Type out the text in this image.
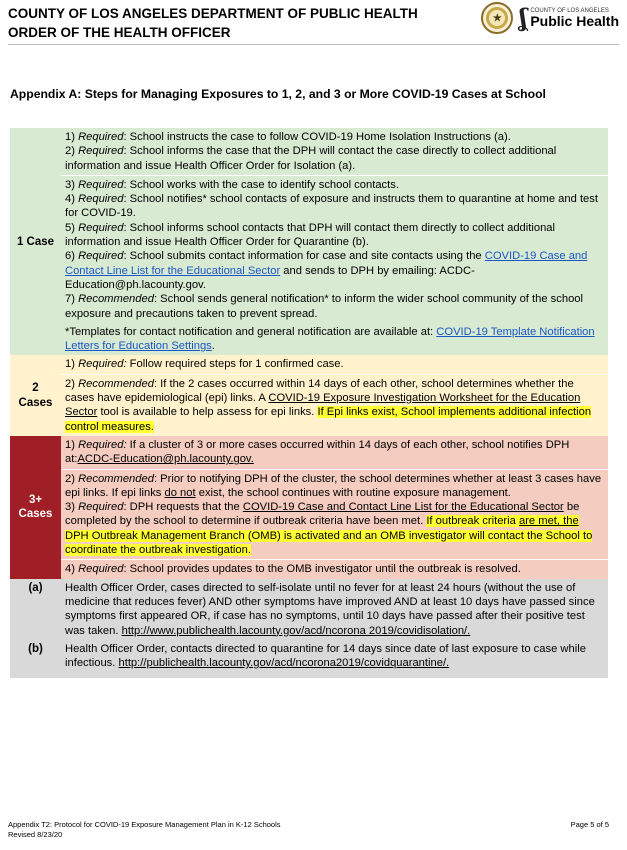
COUNTY OF LOS ANGELES DEPARTMENT OF PUBLIC HEALTH
ORDER OF THE HEALTH OFFICER
★ ʆ COUNTY OF LOS ANGELES
Public Health
Appendix A: Steps for Managing Exposures to 1, 2, and 3 or More COVID-19 Cases at School
1 Case	1) Required: School instructs the case to follow COVID-19 Home Isolation Instructions (a).

2) Required: School informs the case that the DPH will contact the case directly to collect additional information and issue Health Officer Order for Isolation (a).

	3) Required: School works with the case to identify school contacts.

4) Required: School notifies* school contacts of exposure and instructs them to quarantine at home and test for COVID-19.

5) Required: School informs school contacts that DPH will contact them directly to collect additional information and issue Health Officer Order for Quarantine (b).

6) Required: School submits contact information for case and site contacts using the COVID-19 Case and Contact Line List for the Educational Sector and sends to DPH by emailing: ACDC-Education@ph.lacounty.gov.

7) Recommended: School sends general notification* to inform the wider school community of the school exposure and precautions taken to prevent spread.

	*Templates for contact notification and general notification are available at: COVID-19 Template Notification Letters for Education Settings.

2 Cases	1) Required: Follow required steps for 1 confirmed case.

	2) Recommended: If the 2 cases occurred within 14 days of each other, school determines whether the cases have epidemiological (epi) links. A COVID-19 Exposure Investigation Worksheet for the Education Sector tool is available to help assess for epi links. If Epi links exist, School implements additional infection control measures.

3+ Cases	1) Required: If a cluster of 3 or more cases occurred within 14 days of each other, school notifies DPH at:ACDC-Education@ph.lacounty.gov.

	2) Recommended: Prior to notifying DPH of the cluster, the school determines whether at least 3 cases have epi links. If epi links do not exist, the school continues with routine exposure management.

3) Required: DPH requests that the COVID-19 Case and Contact Line List for the Educational Sector be completed by the school to determine if outbreak criteria have been met. If outbreak criteria are met, the DPH Outbreak Management Branch (OMB) is activated and an OMB investigator will contact the School to coordinate the outbreak investigation.

	4) Required: School provides updates to the OMB investigator until the outbreak is resolved.

(a)	Health Officer Order, cases directed to self-isolate until no fever for at least 24 hours (without the use of medicine that reduces fever) AND other symptoms have improved AND at least 10 days have passed since symptoms first appeared OR, if case has no symptoms, until 10 days have passed after their positive test was taken. http://www.publichealth.lacounty.gov/acd/ncorona 2019/covidisolation/.

(b)	Health Officer Order, contacts directed to quarantine for 14 days since date of last exposure to case while infectious. http://publichealth.lacounty.gov/acd/ncorona2019/covidquarantine/.

Appendix T2: Protocol for COVID-19 Exposure Management Plan in K-12 Schools
Revised 8/23/20
Page 5 of 5
